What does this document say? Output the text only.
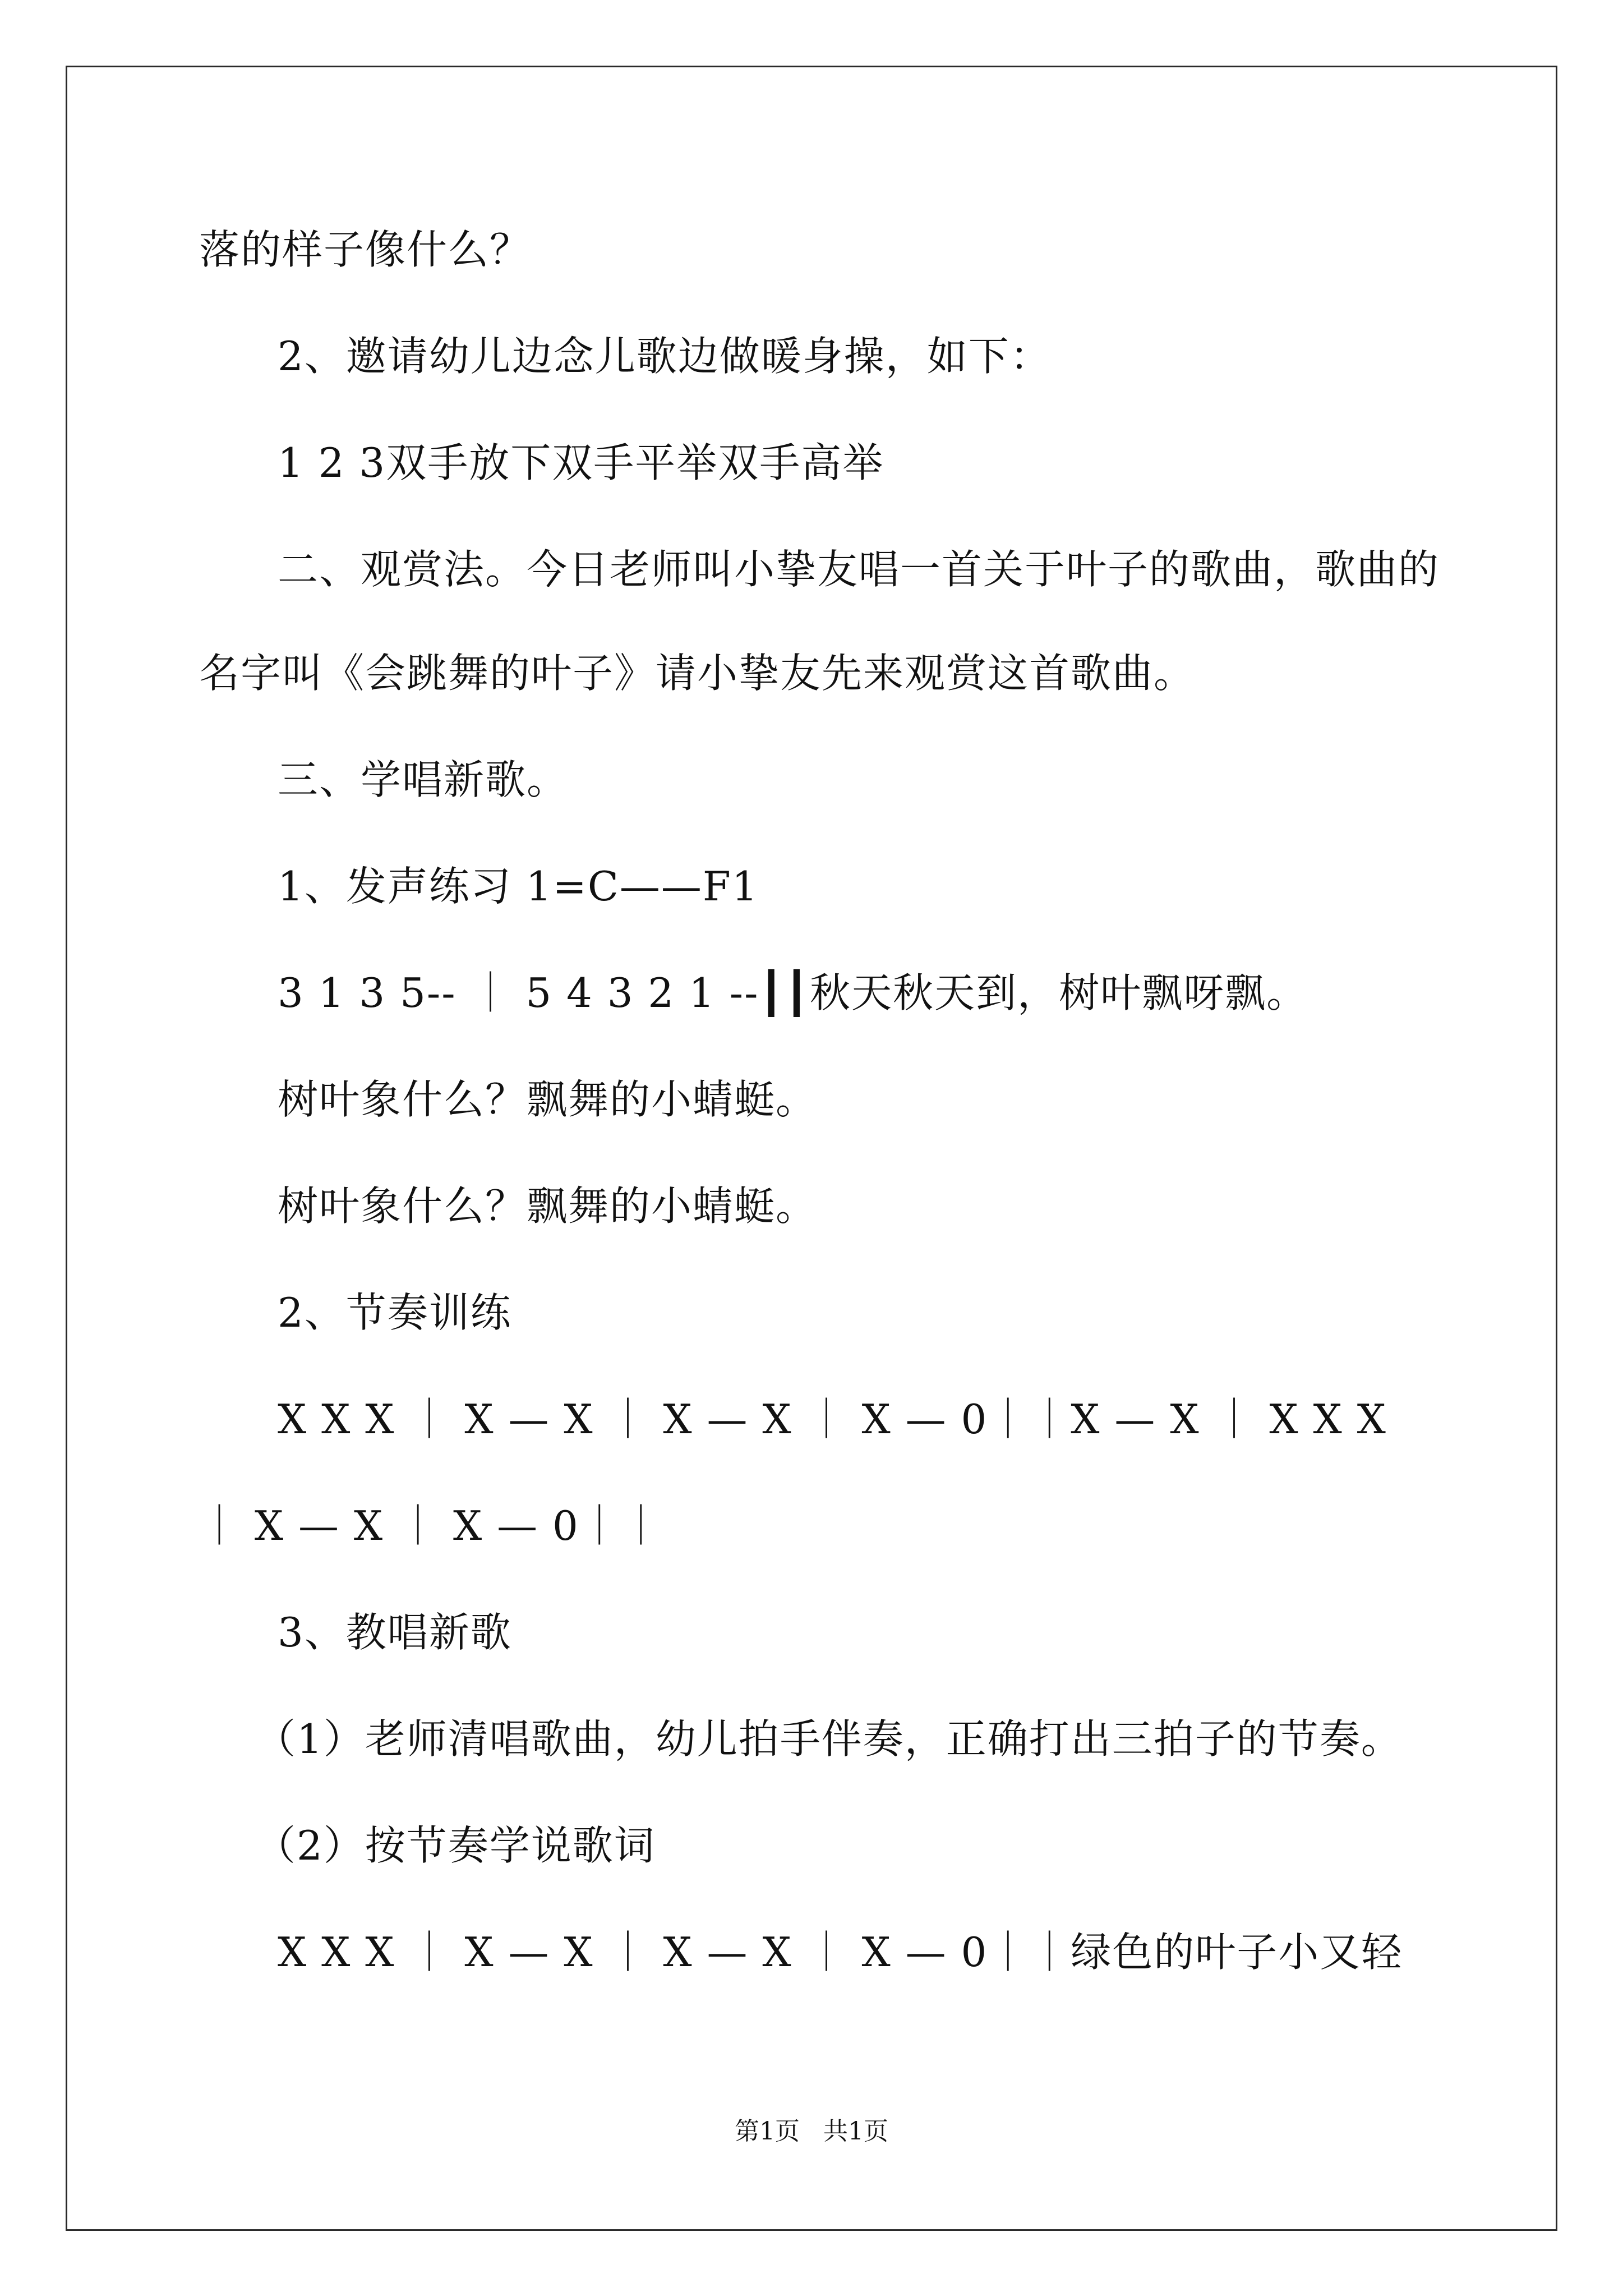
落的样子像什么？
2、邀请幼儿边念儿歌边做暖身操，如下：
1 2 3双手放下双手平举双手高举
二、观赏法。今日老师叫小挚友唱一首关于叶子的歌曲，歌曲的
名字叫《会跳舞的叶子》请小挚友先来观赏这首歌曲。
三、学唱新歌。
1、发声练习 1=C——F1
3 1 3 5-- ｜ 5 4 3 2 1 --┃┃秋天秋天到，树叶飘呀飘。
树叶象什么？飘舞的小蜻蜓。
树叶象什么？飘舞的小蜻蜓。
2、节奏训练
X X X ｜ X — X ｜ X — X ｜ X — 0｜｜X — X ｜ X X X
｜ X — X ｜ X — 0｜｜
3、教唱新歌
（1）老师清唱歌曲，幼儿拍手伴奏，正确打出三拍子的节奏。
（2）按节奏学说歌词
X X X ｜ X — X ｜ X — X ｜ X — 0｜｜绿色的叶子小又轻
第1页   共1页
